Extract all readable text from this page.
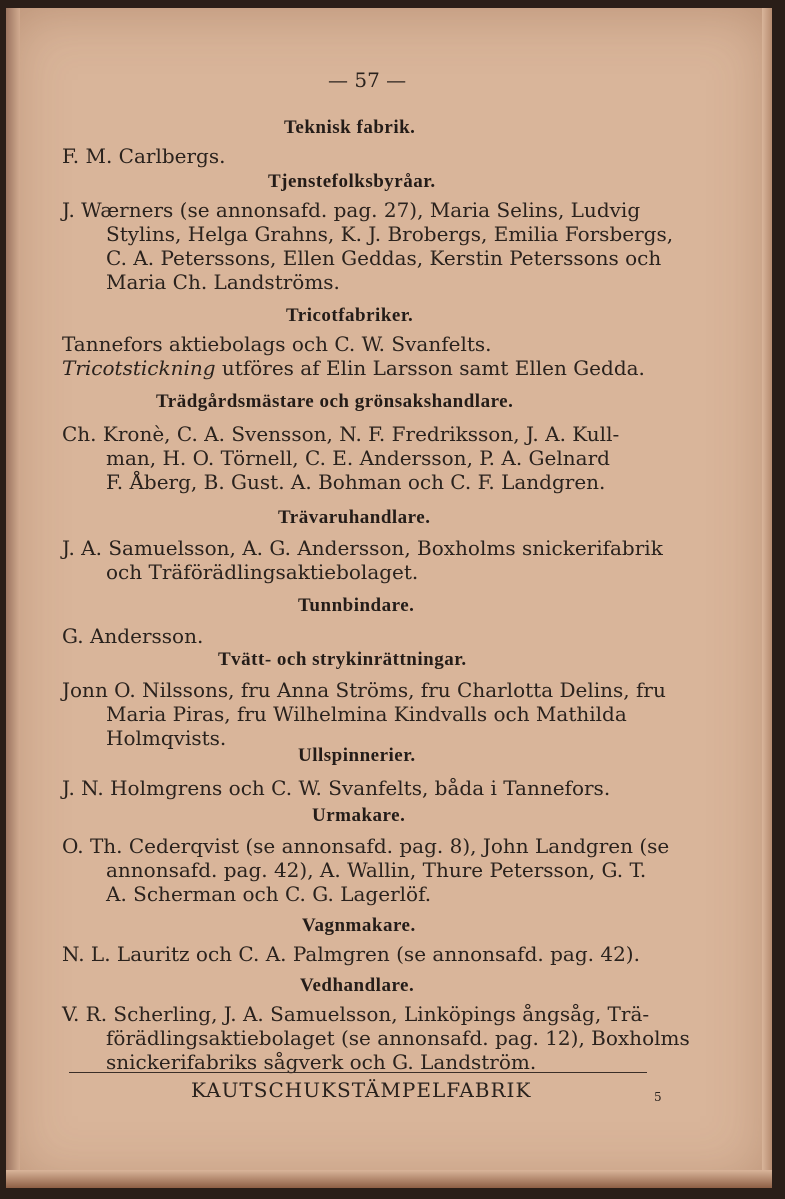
— 57 —
Teknisk fabrik.
F. M. Carlbergs.
Tjenstefolksbyråar.
J. Wærners (se annonsafd. pag. 27), Maria Selins, Ludvig
Stylins, Helga Grahns, K. J. Brobergs, Emilia Forsbergs,
C. A. Peterssons, Ellen Geddas, Kerstin Peterssons och
Maria Ch. Landströms.
Tricotfabriker.
Tannefors aktiebolags och C. W. Svanfelts.
Tricotstickning utföres af Elin Larsson samt Ellen Gedda.
Trädgårdsmästare och grönsakshandlare.
Ch. Kronè, C. A. Svensson, N. F. Fredriksson, J. A. Kull-
man, H. O. Törnell, C. E. Andersson, P. A. Gelnard
F. Åberg, B. Gust. A. Bohman och C. F. Landgren.
Trävaruhandlare.
J. A. Samuelsson, A. G. Andersson, Boxholms snickerifabrik
och Träförädlingsaktiebolaget.
Tunnbindare.
G. Andersson.
Tvätt- och strykinrättningar.
Jonn O. Nilssons, fru Anna Ströms, fru Charlotta Delins, fru
Maria Piras, fru Wilhelmina Kindvalls och Mathilda
Holmqvists.
Ullspinnerier.
J. N. Holmgrens och C. W. Svanfelts, båda i Tannefors.
Urmakare.
O. Th. Cederqvist (se annonsafd. pag. 8), John Landgren (se
annonsafd. pag. 42), A. Wallin, Thure Petersson, G. T.
A. Scherman och C. G. Lagerlöf.
Vagnmakare.
N. L. Lauritz och C. A. Palmgren (se annonsafd. pag. 42).
Vedhandlare.
V. R. Scherling, J. A. Samuelsson, Linköpings ångsåg, Trä-
förädlingsaktiebolaget (se annonsafd. pag. 12), Boxholms
snickerifabriks sågverk och G. Landström.
KAUTSCHUKSTÄMPELFABRIK	5
